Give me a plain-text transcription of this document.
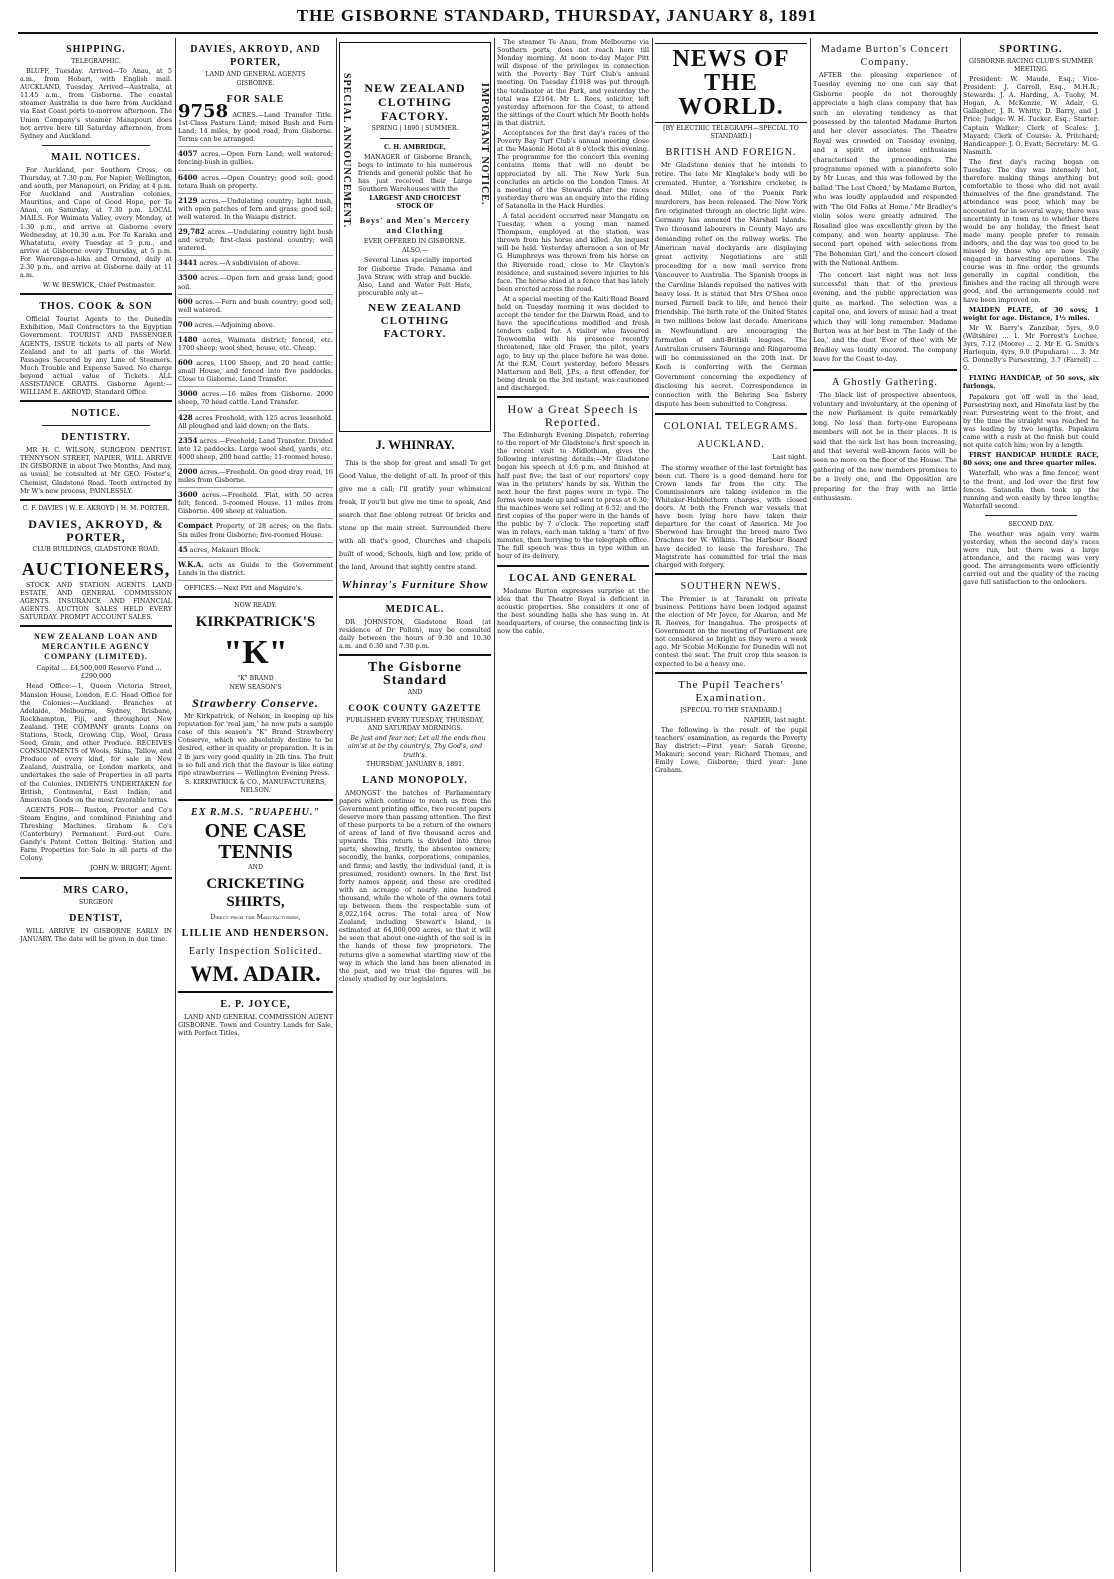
THE GISBORNE STANDARD, THURSDAY, JANUARY 8, 1891
SHIPPING.
TELEGRAPHIC.

BLUFF, Tuesday. Arrived—To Anau, at 5 a.m., from Hobart, with English mail. AUCKLAND, Tuesday. Arrived—Australia, at 11.45 a.m., from Gisborne. The coastal steamer Australia is due here from Auckland via East Coast ports to-morrow afternoon. The Union Company's steamer Manapouri does not arrive here till Saturday afternoon, from Sydney and Auckland.

MAIL NOTICES.

For Auckland, per Southern Cross, on Thursday, at 7.30 p.m. For Napier, Wellington, and south, per Manapouri, on Friday, at 4 p.m. For Auckland and Australian colonies, Mauritius, and Cape of Good Hope, per Te Anau, on Saturday, at 7.30 p.m. LOCAL MAILS. For Waimata Valley, every Monday, at 1.30 p.m., and arrive at Gisborne every Wednesday, at 10.30 a.m. For Te Karaka and Whatatutu, every Tuesday at 5 p.m., and arrive at Gisborne every Thursday, at 5 p.m. For Waerenga-a-hika and Ormond, daily at 2.30 p.m., and arrive at Gisborne daily at 11 a.m.

W. W. BESWICK, Chief Postmaster.

THOS. COOK & SON

Official Tourist Agents to the Dunedin Exhibition, Mail Contractors to the Egyptian Government. TOURIST AND PASSENGER AGENTS, ISSUE tickets to all parts of New Zealand and to all parts of the World. Passages Secured by any Line of Steamers. Much Trouble and Expense Saved. No charge beyond actual value of Tickets. ALL ASSISTANCE GRATIS. Gisborne Agent:—WILLIAM E. AKROYD, Standard Office.

NOTICE.
DENTISTRY.

MR H. C. WILSON, SURGEON DENTIST. TENNYSON STREET, NAPIER, WILL ARRIVE IN GISBORNE in about Two Months, And may, as usual, be consulted at Mr GEO. Foster's, Chemist, Gladstone Road. Teeth extracted by Mr W's new process, PAINLESSLY.

C. F. DAVIES | W. E. AKROYD | H. M. PORTER.
DAVIES, AKROYD, & PORTER,
CLUB BUILDINGS, GLADSTONE ROAD.
AUCTIONEERS,

STOCK AND STATION AGENTS LAND ESTATE, AND GENERAL COMMISSION AGENTS. INSURANCE AND FINANCIAL AGENTS. AUCTION SALES HELD EVERY SATURDAY. PROMPT ACCOUNT SALES.

NEW ZEALAND LOAN AND MERCANTILE AGENCY COMPANY (LIMITED).

Capital ... £4,500,000 Reserve Fund ... £290,000

Head Office:—1, Queen Victoria Street, Mansion House, London, E.C. Head Office for the Colonies:—Auckland. Branches at Adelaide, Melbourne, Sydney, Brisbane, Rockhampton, Fiji, and throughout New Zealand. THE COMPANY grants Loans on Stations, Stock, Growing Clip, Wool, Grass Seed, Grain, and other Produce. RECEIVES CONSIGNMENTS of Wools, Skins, Tallow, and Produce of every kind, for sale in New Zealand, Australia, or London markets, and undertakes the sale of Properties in all parts of the Colonies. INDENTS UNDERTAKEN for British, Continental, East Indian, and American Goods on the most favorable terms.

AGENTS FOR— Ruston, Proctor and Co's Steam Engine, and combined Finishing and Threshing Machines. Graham & Co's (Canterbury) Permanent Ford-out Cure. Gandy's Patent Cotton Belting. Station and Farm Properties for Sale in all parts of the Colony.

JOHN W. BRIGHT, Agent.

MRS CARO,
SURGEON
DENTIST,

WILL ARRIVE IN GISBORNE EARLY IN JANUARY. The date will be given in due time.

DAVIES, AKROYD, AND PORTER,
LAND AND GENERAL AGENTS
GISBORNE.
FOR SALE

9758 ACRES.—Land Transfer Title. 1st-Class Pasture Land; mixed Bush and Fern Land; 14 miles, by good road, from Gisborne. Terms can be arranged.

4057 acres.—Open Fern Land; well watered; fencing-bush in gullies.

6400 acres.—Open Country; good soil; good totara Bush on property.

2129 acres.—Undulating country; light bush, with open patches of fern and grass; good soil; well watered. In the Waiapu district.

29,782 acres.—Undulating country light bush and scrub; first-class pastoral country; well watered.

3441 acres.—A subdivision of above.

3500 acres.—Open fern and grass land; good soil.

600 acres.—Fern and bush country; good soil; well watered.

700 acres.—Adjoining above.

1480 acres, Waimata district; fenced, etc. 1700 sheep; wool shed, house, etc. Cheap.

600 acres, 1100 Sheep, and 20 head cattle; small House, and fenced into five paddocks. Close to Gisborne. Land Transfer.

3000 acres.—16 miles from Gisborne. 2000 sheep, 70 head cattle. Land Transfer.

428 acres Freehold, with 125 acres leasehold. All ploughed and laid down; on the flats.

2354 acres.—Freehold; Land Transfer. Divided into 12 paddocks. Large wool shed, yards, etc. 4000 sheep, 200 head cattle; 11-roomed house.

2000 acres.—Freehold. On good dray road, 16 miles from Gisborne.

3600 acres.—Freehold. 'Flat, with 50 acres felt; fenced. 5-roomed House. 11 miles from Gisborne. 400 sheep at valuation.

Compact Property, of 28 acres; on the flats. Six miles from Gisborne; five-roomed House.

45 acres, Makauri Block.

W.K.A. acts as Guide to the Government Lands in the district.

OFFICES:—Next Pitt and Maguire's.

NOW READY.
KIRKPATRICK'S
"K"
"K" BRAND
NEW SEASON'S
Strawberry Conserve.

Mr Kirkpatrick, of Nelson, in keeping up his reputation for 'real jam,' he now puts a sample case of this season's "K" Brand Strawberry Conserve, which we absolutely decline to be desired, either in quality or preparation. It is in 2 lb jars very good quality in 2lb tins. The fruit is so full and rich that the flavour is like eating ripe strawberries — Wellington Evening Press.

S. KIRKPATRICK & CO., MANUFACTURERS, NELSON.
EX R.M.S. "RUAPEHU."
ONE CASE
TENNIS
AND
CRICKETING SHIRTS,
Direct from the Manufacturers,
LILLIE AND HENDERSON.
Early Inspection Solicited.
WM. ADAIR.
E. P. JOYCE,

LAND AND GENERAL COMMISSION AGENT GISBORNE. Town and Country Lands for Sale, with Perfect Titles.

SPECIAL ANNOUNCEMENT.	IMPORTANT NOTICE.
NEW ZEALAND CLOTHING FACTORY.
SPRING | 1890 | SUMMER.
C. H. AMBRIDGE,

MANAGER of Gisborne Branch, begs to intimate to his numerous friends and general public that he has just received their Large Southern Warehouses with the

LARGEST AND CHOICEST STOCK OF
Boys' and Men's Mercery and Clothing
EVER OFFERED IN GISBORNE.
ALSO,—

Several Lines specially imported for Gisborne Trade. Panama and Java Straw, with strap and buckle. Also, Land and Water Felt Hats, procurable only at—

NEW ZEALAND CLOTHING FACTORY.
J. WHINRAY.

This is the shop for great and small To get Good Value, the delight of all. In proof of this give me a call; I'll gratify your whimsical freak, If you'll but give me time to speak, And search that fine oblong retreat Of bricks and stone up the main street. Surrounded there with all that's good, Churches and chapels built of wood, Schools, high and low, pride of the land, Around that sightly centre stand.

Whinray's Furniture Show
MEDICAL.

DR JOHNSTON, Gladstone Road (at residence of Dr Pollen), may be consulted daily between the hours of 9.30 and 10.30 a.m. and 6.30 and 7.30 p.m.

The Gisborne Standard
AND
COOK COUNTY GAZETTE
PUBLISHED EVERY TUESDAY, THURSDAY, AND SATURDAY MORNINGS.

Be just and fear not; Let all the ends thou aim'st at be thy country's, Thy God's, and truth's.

THURSDAY, JANUARY 8, 1891.
LAND MONOPOLY.

AMONGST the batches of Parliamentary papers which continue to reach us from the Government printing office, two recent papers deserve more than passing attention. The first of these purports to be a return of the owners of areas of land of five thousand acres and upwards. This return is divided into three parts, showing, firstly, the absentee owners; secondly, the banks, corporations, companies, and firms; and lastly, the individual (and, it is presumed, resident) owners. In the first list forty names appear, and these are credited with an acreage of nearly nine hundred thousand, while the whole of the owners total up between them the respectable sum of 8,022,164 acres. The total area of New Zealand, including Stewart's Island, is estimated at 64,000,000 acres, so that it will be seen that about one-eighth of the soil is in the hands of these few proprietors. The returns give a somewhat startling view of the way in which the land has been alienated in the past, and we trust the figures will be closely studied by our legislators.

The steamer Te Anau, from Melbourne via Southern ports, does not reach here till Monday morning. At noon to-day Major Pitt will dispose of the privileges in connection with the Poverty Bay Turf Club's annual meeting. On Tuesday £1918 was put through the totalisator at the Park, and yesterday the total was £2164. Mr L. Rees, solicitor, left yesterday afternoon for the Coast, to attend the sittings of the Court which Mr Booth holds in that district.

Acceptances for the first day's races of the Poverty Bay Turf Club's annual meeting close at the Masonic Hotel at 8 o'clock this evening. The programme for the concert this evening contains items that will no doubt be appreciated by all. The New York Sun concludes an article on the London Times. At a meeting of the Stewards after the races yesterday there was an enquiry into the riding of Satanella in the Hack Hurdles.

A fatal accident occurred near Mangatu on Tuesday, when a young man named Thompson, employed at the station, was thrown from his horse and killed. An inquest will be held. Yesterday afternoon a son of Mr G. Humphreys was thrown from his horse on the Riverside road, close to Mr Clayton's residence, and sustained severe injuries to his face. The horse shied at a fence that has lately been erected across the road.

At a special meeting of the Kaiti Road Board held on Tuesday morning it was decided to accept the tender for the Darwin Road, and to have the specifications modified and fresh tenders called for. A visitor who favoured Toowoomba with his presence recently threatened, like old Fraser, the pilot, years ago, to buy up the place before he was done. At the R.M. Court yesterday, before Messrs Matterson and Bell, J.P.s, a first offender, for being drunk on the 3rd instant, was cautioned and discharged.

How a Great Speech is Reported.

The Edinburgh Evening Dispatch, referring to the report of Mr Gladstone's first speech in the recent visit to Midlothian, gives the following interesting details:—Mr Gladstone began his speech at 4.6 p.m. and finished at half past five; the last of our reporters' copy was in the printers' hands by six. Within the next hour the first pages were in type. The forms were made up and sent to press at 6.30; the machines were set rolling at 6.52; and the first copies of the paper were in the hands of the public by 7 o'clock. The reporting staff was in relays, each man taking a 'turn' of five minutes, then hurrying to the telegraph office. The full speech was thus in type within an hour of its delivery.

LOCAL AND GENERAL

Madame Burton expresses surprise at the idea that the Theatre Royal is deficient in acoustic properties. She considers it one of the best sounding halls she has sung in. At headquarters, of course, the connecting link is now the cable.

NEWS OF THE WORLD.
[BY ELECTRIC TELEGRAPH—SPECIAL TO STANDARD.]
BRITISH AND FOREIGN.

Mr Gladstone denies that he intends to retire. The late Mr Kinglake's body will be cremated. Hunter, a Yorkshire cricketer, is dead. Millet, one of the Poenix Park murderers, has been released. The New York fire originated through an electric light wire. Germany has annexed the Marshall Islands. Two thousand labourers in County Mayo are demanding relief on the railway works. The American naval dockyards are displaying great activity. Negotiations are still proceeding for a new mail service from Vancouver to Australia. The Spanish troops in the Caroline Islands repulsed the natives with heavy loss. It is stated that Mrs O'Shea once nursed Parnell back to life, and hence their friendship. The birth rate of the United States is two millions below last decade. Americans in Newfoundland are encouraging the formation of anti-British leagues. The Australian cruisers Tauranga and Ringarooma will be commissioned on the 20th inst. Dr Koch is conferring with the German Government concerning the expediency of disclosing his secret. Correspondence in connection with the Behring Sea fishery dispute has been submitted to Congress.

COLONIAL TELEGRAMS.
AUCKLAND.

Last night.

The stormy weather of the last fortnight has been cut. There is a good demand here for Crown lands far from the city. The Commissioners are taking evidence in the Whitaker-Hubblethorn charges, with closed doors. At both the French war vessels that have been lying here have taken their departure for the coast of America. Mr Joe Sherwood has brought the breed mare Two Drachms for W. Wilkins. The Harbour Board have decided to lease the foreshore. The Magistrate has committed for trial the man charged with forgery.

SOUTHERN NEWS.

The Premier is at Taranaki on private business. Petitions have been lodged against the election of Mr Joyce, for Akaroa, and Mr R. Reeves, for Inangahua. The prospects of Government on the meeting of Parliament are not considered so bright as they were a week ago. Mr Scobie McKenzie for Dunedin will not contest the seat. The fruit crop this season is expected to be a heavy one.

The Pupil Teachers' Examination.
[SPECIAL TO THE STANDARD.]

NAPIER, last night.

The following is the result of the pupil teachers' examination, as regards the Poverty Bay district:—First year: Sarah Greene, Makauri; second year: Richard Thomas, and Emily Lowe, Gisborne; third year: Jane Graham.

Madame Burton's Concert Company.

AFTER the pleasing experience of Tuesday evening no one can say that Gisborne people do not thoroughly appreciate a high class company that has such an elevating tendency as that possessed by the talented Madame Burton and her clever associates. The Theatre Royal was crowded on Tuesday evening, and a spirit of intense enthusiasm characterised the proceedings. The programme opened with a pianoforte solo by Mr Lucas, and this was followed by the ballad 'The Lost Chord,' by Madame Burton, who was loudly applauded and responded with 'The Old Folks at Home.' Mr Bradley's violin solos were greatly admired. The Rosalind glee was excellently given by the company, and won hearty applause. The second part opened with selections from 'The Bohemian Girl,' and the concert closed with the National Anthem.

The concert last night was not less successful than that of the previous evening, and the public appreciation was quite as marked. The selection was a capital one, and lovers of music had a treat which they will long remember. Madame Burton was at her best in 'The Lady of the Lea,' and the duet 'Ever of thee' with Mr Bradley was loudly encored. The company leave for the Coast to-day.

A Ghostly Gathering.

The black list of prospective absentees, voluntary and involuntary, at the opening of the new Parliament is quite remarkably long. No less than forty-one Europeans members will not be in their places. It is said that the sick list has been increasing, and that several well-known faces will be seen no more on the floor of the House. The gathering of the new members promises to be a lively one, and the Opposition are preparing for the fray with no little enthusiasm.

SPORTING.
GISBORNE RACING CLUB'S SUMMER MEETING.

President: W. Maude, Esq.; Vice-President: J. Carroll, Esq., M.H.R.; Stewards: J. A. Harding, A. Tuohy, M. Hogan, A. McKenzie, W. Adair, G. Gallagher, J. R. Whitty, D. Barry, and J. Price; Judge: W. H. Tucker, Esq.; Starter: Captain Walker; Clerk of Scales: J. Mayard; Clerk of Course: A. Pritchard; Handicapper: J. O. Evatt; Secretary: M. G. Nasmith.

The first day's racing began on Tuesday. The day was intensely hot, therefore making things anything but comfortable to those who did not avail themselves of the fine grandstand. The attendance was poor, which may be accounted for in several ways; there was uncertainty in town as to whether there would be any holiday, the finest heat made many people prefer to remain indoors, and the day was too good to be missed by those who are now busily engaged in harvesting operations. The course was in fine order, the grounds generally in capital condition, the finishes and the racing all through were good, and the arrangements could not have been improved on.

MAIDEN PLATE, of 30 sovs; 1 weight for age. Distance, 1½ miles.

Mr W. Barry's Zanzibar, 5yrs, 9.0 (Wiltshire) ... 1. Mr Forrest's Lochee, 3yrs, 7.12 (Moore) ... 2. Mr E. G. Smith's Harlequin, 4yrs, 9.0 (Pupuhara) ... 3. Mr G. Donnelly's Pursestring, 3.7 (Farrell) ... 0.

FLYING HANDICAP, of 50 sovs, six furlongs.

Papakura got off well in the lead, Pursestring next, and Hinefata last by the rear. Pursestring went to the front, and by the time the straight was reached he was leading by two lengths. Papakura came with a rush at the finish but could not quite catch him; won by a length.

FIRST HANDICAP HURDLE RACE, 80 sovs; one and three quarter miles.

Waterfall, who was a fine fencer, went to the front, and led over the first few fences. Satanella then took up the running and won easily by three lengths; Waterfall second.

SECOND DAY.

The weather was again very warm yesterday, when the second day's races were run, but there was a large attendance, and the racing was very good. The arrangements were efficiently carried out and the quality of the racing gave full satisfaction to the onlookers.
